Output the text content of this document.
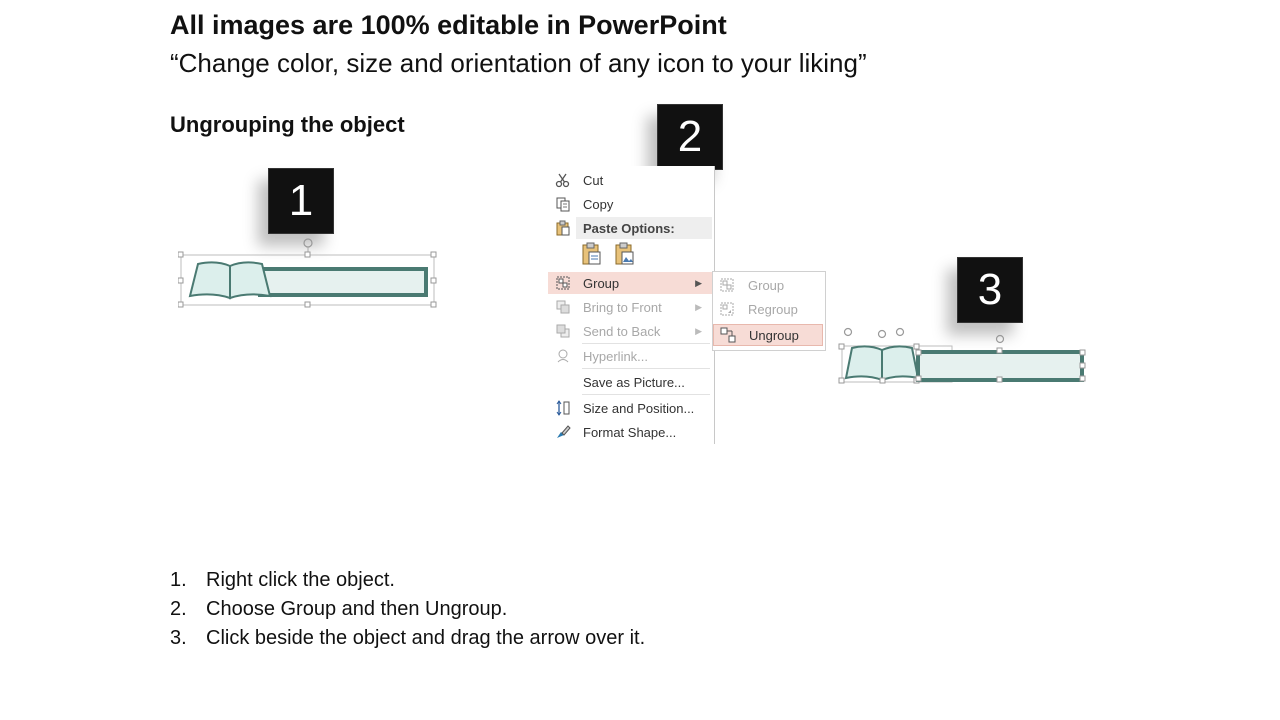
All images are 100% editable in PowerPoint
“Change color, size and orientation of any icon to your liking”
Ungrouping the object
1
2
Cut
Copy
Paste Options:
Group	▶
Bring to Front	▶
Send to Back	▶
Hyperlink...
Save as Picture...
Size and Position...
Format Shape...
Group
Regroup
Ungroup
3
1. Right click the object.
2. Choose Group and then Ungroup.
3. Click beside the object and drag the arrow over it.
